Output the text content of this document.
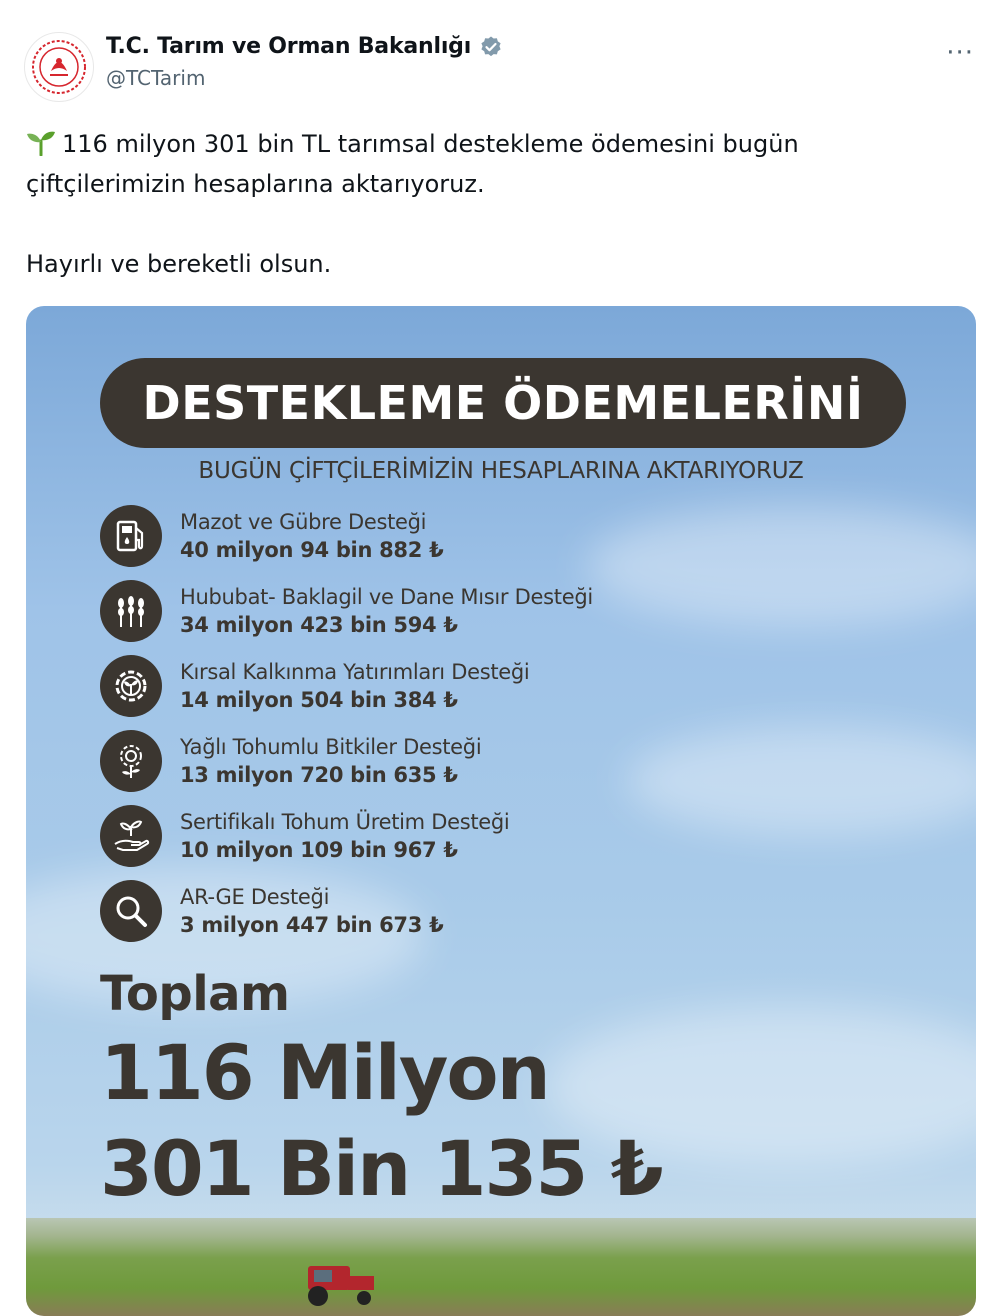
T.C. Tarım ve Orman Bakanlığı
@TCTarim
···

116 milyon 301 bin TL tarımsal destekleme ödemesini bugün

çiftçilerimizin hesaplarına aktarıyoruz.

Hayırlı ve bereketli olsun.

DESTEKLEME ÖDEMELERİNİ
BUGÜN ÇİFTÇİLERİMİZİN HESAPLARINA AKTARIYORUZ
Mazot ve Gübre Desteği
40 milyon 94 bin 882 ₺
Hububat- Baklagil ve Dane Mısır Desteği
34 milyon 423 bin 594 ₺
Kırsal Kalkınma Yatırımları Desteği
14 milyon 504 bin 384 ₺
Yağlı Tohumlu Bitkiler Desteği
13 milyon 720 bin 635 ₺
Sertifikalı Tohum Üretim Desteği
10 milyon 109 bin 967 ₺
AR-GE Desteği
3 milyon 447 bin 673 ₺
Toplam
116 Milyon
301 Bin 135 ₺
